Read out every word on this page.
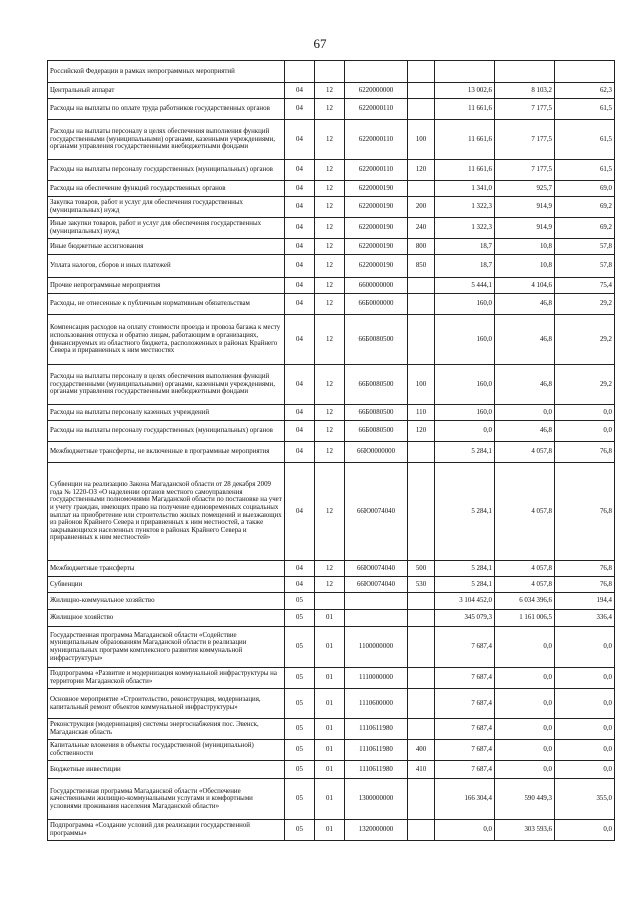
67
Российской Федерации в рамках непрограммных мероприятий							
Центральный аппарат	04	12	6220000000		13 002,6	8 103,2	62,3
Расходы на выплаты по оплате труда работников государственных органов	04	12	6220000110		11 661,6	7 177,5	61,5
Расходы на выплаты персоналу в целях обеспечения выполнения функций государственными (муниципальными) органами, казенными учреждениями, органами управления государственными внебюджетными фондами	04	12	6220000110	100	11 661,6	7 177,5	61,5
Расходы на выплаты персоналу государственных (муниципальных) органов	04	12	6220000110	120	11 661,6	7 177,5	61,5
Расходы на обеспечение функций государственных органов	04	12	6220000190		1 341,0	925,7	69,0
Закупка товаров, работ и услуг для обеспечения государственных (муниципальных) нужд	04	12	6220000190	200	1 322,3	914,9	69,2
Иные закупки товаров, работ и услуг для обеспечения государственных (муниципальных) нужд	04	12	6220000190	240	1 322,3	914,9	69,2
Иные бюджетные ассигнования	04	12	6220000190	800	18,7	10,8	57,8
Уплата налогов, сборов и иных платежей	04	12	6220000190	850	18,7	10,8	57,8
Прочие непрограммные мероприятия	04	12	6600000000		5 444,1	4 104,6	75,4
Расходы, не отнесенные к публичным нормативным обязательствам	04	12	66Б0000000		160,0	46,8	29,2
Компенсация расходов на оплату стоимости проезда и провоза багажа к месту использования отпуска и обратно лицам, работающим в организациях, финансируемых из областного бюджета, расположенных в районах Крайнего Севера и приравненных к ним местностях	04	12	66Б0080500		160,0	46,8	29,2
Расходы на выплаты персоналу в целях обеспечения выполнения функций государственными (муниципальными) органами, казенными учреждениями, органами управления государственными внебюджетными фондами	04	12	66Б0080500	100	160,0	46,8	29,2
Расходы на выплаты персоналу казенных учреждений	04	12	66Б0080500	110	160,0	0,0	0,0
Расходы на выплаты персоналу государственных (муниципальных) органов	04	12	66Б0080500	120	0,0	46,8	0,0
Межбюджетные трансферты, не включенные в программные мероприятия	04	12	66Ю0000000		5 284,1	4 057,8	76,8
Субвенции на реализацию Закона Магаданской области от 28 декабря 2009 года № 1220-ОЗ «О наделении органов местного самоуправления государственными полномочиями Магаданской области по постановке на учет и учету граждан, имеющих право на получение единовременных социальных выплат на приобретение или строительство жилых помещений и выезжающих из районов Крайнего Севера и приравненных к ним местностей, а также закрывающихся населенных пунктов в районах Крайнего Севера и приравненных к ним местностей»	04	12	66Ю0074040		5 284,1	4 057,8	76,8
Межбюджетные трансферты	04	12	66Ю0074040	500	5 284,1	4 057,8	76,8
Субвенции	04	12	66Ю0074040	530	5 284,1	4 057,8	76,8
Жилищно-коммунальное хозяйство	05				3 104 452,0	6 034 396,6	194,4
Жилищное хозяйство	05	01			345 079,3	1 161 006,5	336,4
Государственная программа Магаданской области «Содействие муниципальным образованиям Магаданской области в реализации муниципальных программ комплексного развития коммунальной инфраструктуры»	05	01	1100000000		7 687,4	0,0	0,0
Подпрограмма «Развитие и модернизация коммунальной инфраструктуры на территории Магаданской области»	05	01	1110000000		7 687,4	0,0	0,0
Основное мероприятие «Строительство, реконструкция, модернизация, капитальный ремонт объектов коммунальной инфраструктуры»	05	01	1110600000		7 687,4	0,0	0,0
Реконструкция (модернизация) системы энергоснабжения пос. Эвенск, Магаданская область	05	01	1110611980		7 687,4	0,0	0,0
Капитальные вложения в объекты государственной (муниципальной) собственности	05	01	1110611980	400	7 687,4	0,0	0,0
Бюджетные инвестиции	05	01	1110611980	410	7 687,4	0,0	0,0
Государственная программа Магаданской области «Обеспечение качественными жилищно-коммунальными услугами и комфортными условиями проживания населения Магаданской области»	05	01	1300000000		166 304,4	590 449,3	355,0
Подпрограмма «Создание условий для реализации государственной программы»	05	01	1320000000		0,0	303 593,6	0,0
